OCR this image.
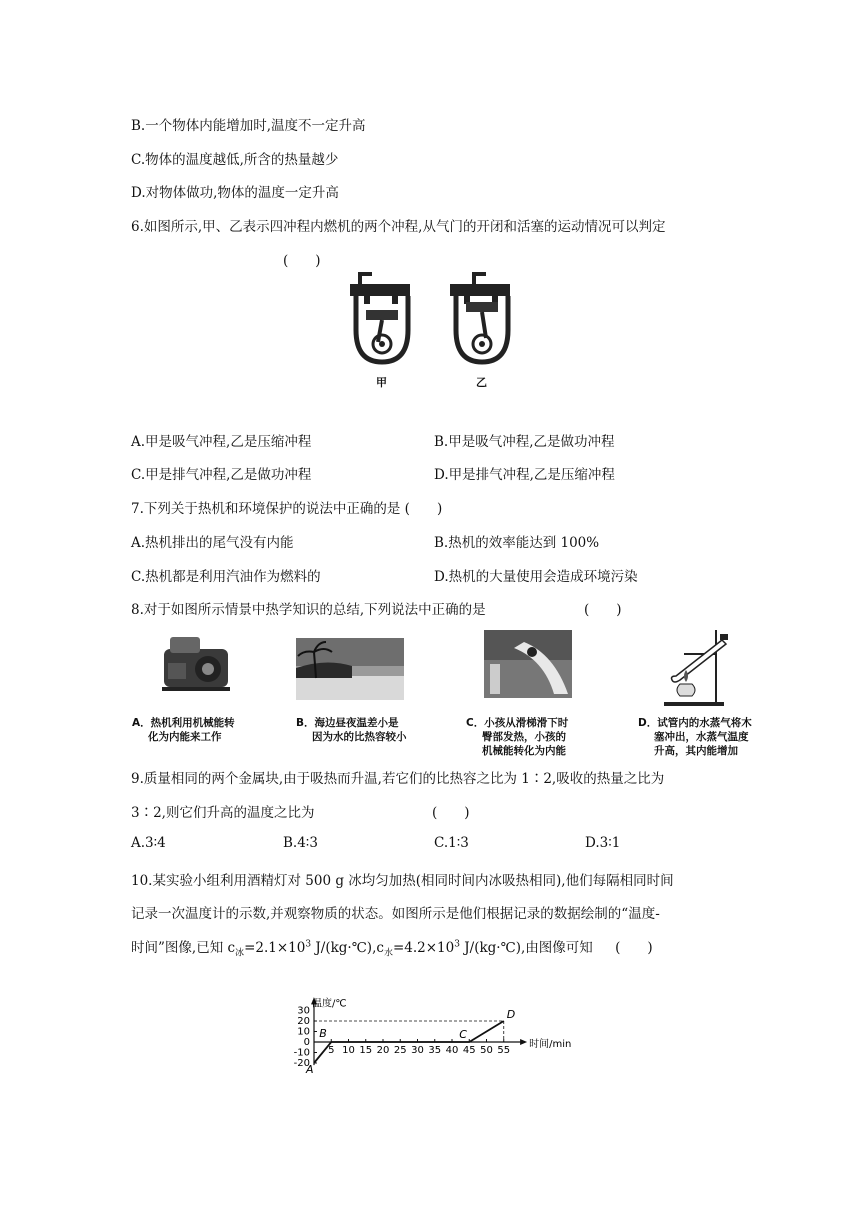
B.一个物体内能增加时,温度不一定升高
C.物体的温度越低,所含的热量越少
D.对物体做功,物体的温度一定升高
6.如图所示,甲、乙表示四冲程内燃机的两个冲程,从气门的开闭和活塞的运动情况可以判定
(　　)
甲	乙
A.甲是吸气冲程,乙是压缩冲程	B.甲是吸气冲程,乙是做功冲程
C.甲是排气冲程,乙是做功冲程	D.甲是排气冲程,乙是压缩冲程
7.下列关于热机和环境保护的说法中正确的是 (　　)
A.热机排出的尾气没有内能	B.热机的效率能达到 100%
C.热机都是利用汽油作为燃料的	D.热机的大量使用会造成环境污染
8.对于如图所示情景中热学知识的总结,下列说法中正确的是	(　　)
A．热机利用机械能转
化为内能来工作
B．海边昼夜温差小是
因为水的比热容较小
C．小孩从滑梯滑下时
臀部发热，小孩的
机械能转化为内能
D．试管内的水蒸气将木
塞冲出，水蒸气温度
升高，其内能增加
9.质量相同的两个金属块,由于吸热而升温,若它们的比热容之比为 1∶2,吸收的热量之比为
3∶2,则它们升高的温度之比为	(　　)
A.3∶4	B.4∶3	C.1∶3	D.3∶1
10.某实验小组利用酒精灯对 500 g 冰均匀加热(相同时间内冰吸热相同),他们每隔相同时间
记录一次温度计的示数,并观察物质的状态。如图所示是他们根据记录的数据绘制的“温度-
时间”图像,已知 $c_冰=2.1\times 10^3$ $J/(kg\cdot℃),c_水=4.2\times 10^3$ J/(kg·℃),由图像可知 (　　)
温度/℃
时间/min
5 10 15 20 25 30 35 40 45 50 55
30
20
10
0
-10
-20
A
B	C
D
